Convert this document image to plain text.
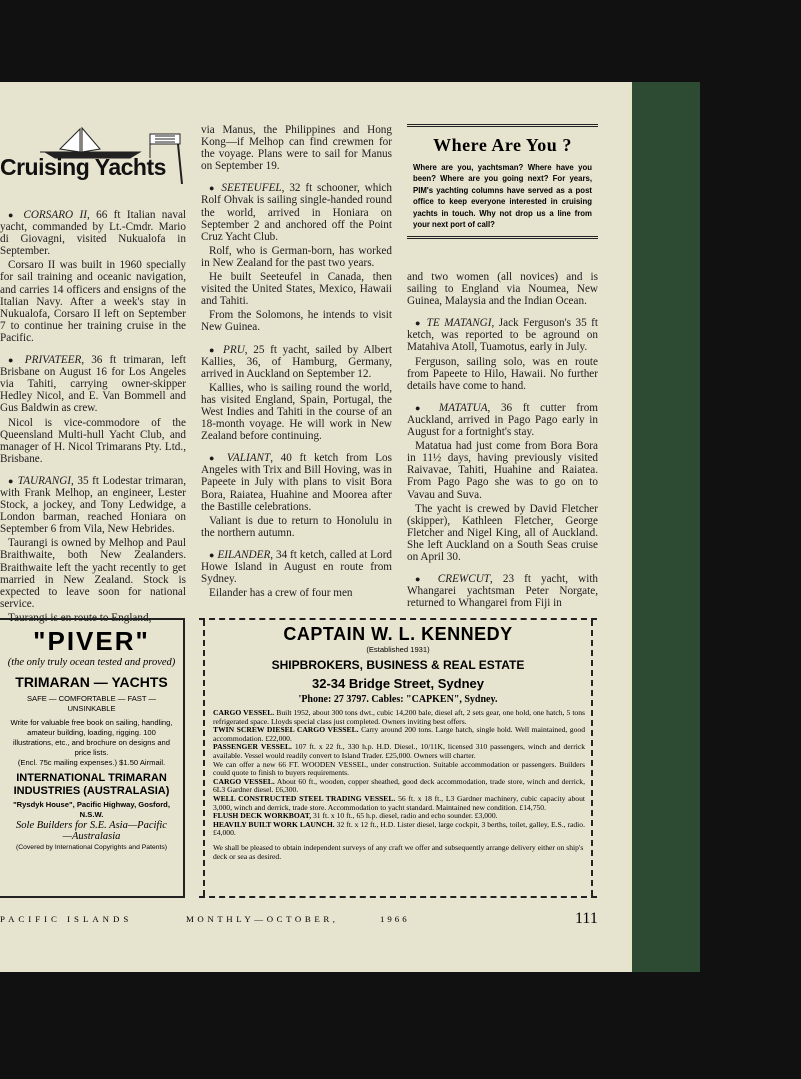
Cruising Yachts

● CORSARO II, 66 ft Italian naval yacht, commanded by Lt.-Cmdr. Mario di Giovagni, visited Nukualofa in September.

Corsaro II was built in 1960 specially for sail training and oceanic navigation, and carries 14 officers and ensigns of the Italian Navy. After a week's stay in Nukualofa, Corsaro II left on September 7 to continue her training cruise in the Pacific.

● PRIVATEER, 36 ft trimaran, left Brisbane on August 16 for Los Angeles via Tahiti, carrying owner-skipper Hedley Nicol, and E. Van Bommell and Gus Baldwin as crew.

Nicol is vice-commodore of the Queensland Multi-hull Yacht Club, and manager of H. Nicol Trimarans Pty. Ltd., Brisbane.

● TAURANGI, 35 ft Lodestar trimaran, with Frank Melhop, an engineer, Lester Stock, a jockey, and Tony Ledwidge, a London barman, reached Honiara on September 6 from Vila, New Hebrides.

Taurangi is owned by Melhop and Paul Braithwaite, both New Zealanders. Braithwaite left the yacht recently to get married in New Zealand. Stock is expected to leave soon for national service.

Taurangi is en route to England,

via Manus, the Philippines and Hong Kong—if Melhop can find crewmen for the voyage. Plans were to sail for Manus on September 19.

● SEETEUFEL, 32 ft schooner, which Rolf Ohvak is sailing single-handed round the world, arrived in Honiara on September 2 and anchored off the Point Cruz Yacht Club.

Rolf, who is German-born, has worked in New Zealand for the past two years.

He built Seeteufel in Canada, then visited the United States, Mexico, Hawaii and Tahiti.

From the Solomons, he intends to visit New Guinea.

● PRU, 25 ft yacht, sailed by Albert Kallies, 36, of Hamburg, Germany, arrived in Auckland on September 12.

Kallies, who is sailing round the world, has visited England, Spain, Portugal, the West Indies and Tahiti in the course of an 18-month voyage. He will work in New Zealand before continuing.

● VALIANT, 40 ft ketch from Los Angeles with Trix and Bill Hoving, was in Papeete in July with plans to visit Bora Bora, Raiatea, Huahine and Moorea after the Bastille celebrations.

Valiant is due to return to Honolulu in the northern autumn.

● EILANDER, 34 ft ketch, called at Lord Howe Island in August en route from Sydney.

Eilander has a crew of four men

Where Are You ?
Where are you, yachtsman? Where have you been? Where are you going next? For years, PIM's yachting columns have served as a post office to keep everyone interested in cruising yachts in touch. Why not drop us a line from your next port of call?

and two women (all novices) and is sailing to England via Noumea, New Guinea, Malaysia and the Indian Ocean.

● TE MATANGI, Jack Ferguson's 35 ft ketch, was reported to be aground on Matahiva Atoll, Tuamotus, early in July.

Ferguson, sailing solo, was en route from Papeete to Hilo, Hawaii. No further details have come to hand.

● MATATUA, 36 ft cutter from Auckland, arrived in Pago Pago early in August for a fortnight's stay.

Matatua had just come from Bora Bora in 11½ days, having previously visited Raivavae, Tahiti, Huahine and Raiatea. From Pago Pago she was to go on to Vavau and Suva.

The yacht is crewed by David Fletcher (skipper), Kathleen Fletcher, George Fletcher and Nigel King, all of Auckland. She left Auckland on a South Seas cruise on April 30.

● CREWCUT, 23 ft yacht, with Whangarei yachtsman Peter Norgate, returned to Whangarei from Fiji in

"PIVER"
(the only truly ocean tested and proved)
TRIMARAN — YACHTS
SAFE — COMFORTABLE — FAST — UNSINKABLE
Write for valuable free book on sailing, handling, amateur building, loading, rigging. 100 illustrations, etc., and brochure on designs and price lists.
(Encl. 75c mailing expenses.) $1.50 Airmail.
INTERNATIONAL TRIMARAN INDUSTRIES (AUSTRALASIA)
"Rysdyk House", Pacific Highway, Gosford, N.S.W.
Sole Builders for S.E. Asia—Pacific—Australasia
(Covered by International Copyrights and Patents)
CAPTAIN W. L. KENNEDY
(Established 1931)
SHIPBROKERS, BUSINESS & REAL ESTATE
32-34 Bridge Street, Sydney
'Phone: 27 3797. Cables: "CAPKEN", Sydney.
CARGO VESSEL. Built 1952, about 300 tons dwt., cubic 14,200 bale, diesel aft, 2 sets gear, one hold, one hatch, 5 tons refrigerated space. Lloyds special class just completed. Owners inviting best offers.
TWIN SCREW DIESEL CARGO VESSEL. Carry around 200 tons. Large hatch, single hold. Well maintained, good accommodation. £22,000.
PASSENGER VESSEL. 107 ft. x 22 ft., 330 h.p. H.D. Diesel., 10/11K, licensed 310 passengers, winch and derrick available. Vessel would readily convert to Island Trader. £25,000. Owners will charter.
We can offer a new 66 FT. WOODEN VESSEL, under construction. Suitable accommodation or passengers. Builders could quote to finish to buyers requirements.
CARGO VESSEL. About 60 ft., wooden, copper sheathed, good deck accommodation, trade store, winch and derrick, 6L3 Gardner diesel. £6,300.
WELL CONSTRUCTED STEEL TRADING VESSEL. 56 ft. x 18 ft., L3 Gardner machinery, cubic capacity about 3,000, winch and derrick, trade store. Accommodation to yacht standard. Maintained new condition. £14,750.
FLUSH DECK WORKBOAT, 31 ft. x 10 ft., 65 h.p. diesel, radio and echo sounder. £3,000.
HEAVILY BUILT WORK LAUNCH. 32 ft. x 12 ft., H.D. Lister diesel, large cockpit, 3 berths, toilet, galley, E.S., radio. £4,000.
We shall be pleased to obtain independent surveys of any craft we offer and subsequently arrange delivery either on ship's deck or sea as desired.
PACIFIC ISLANDS	MONTHLY—OCTOBER,	1966	111
